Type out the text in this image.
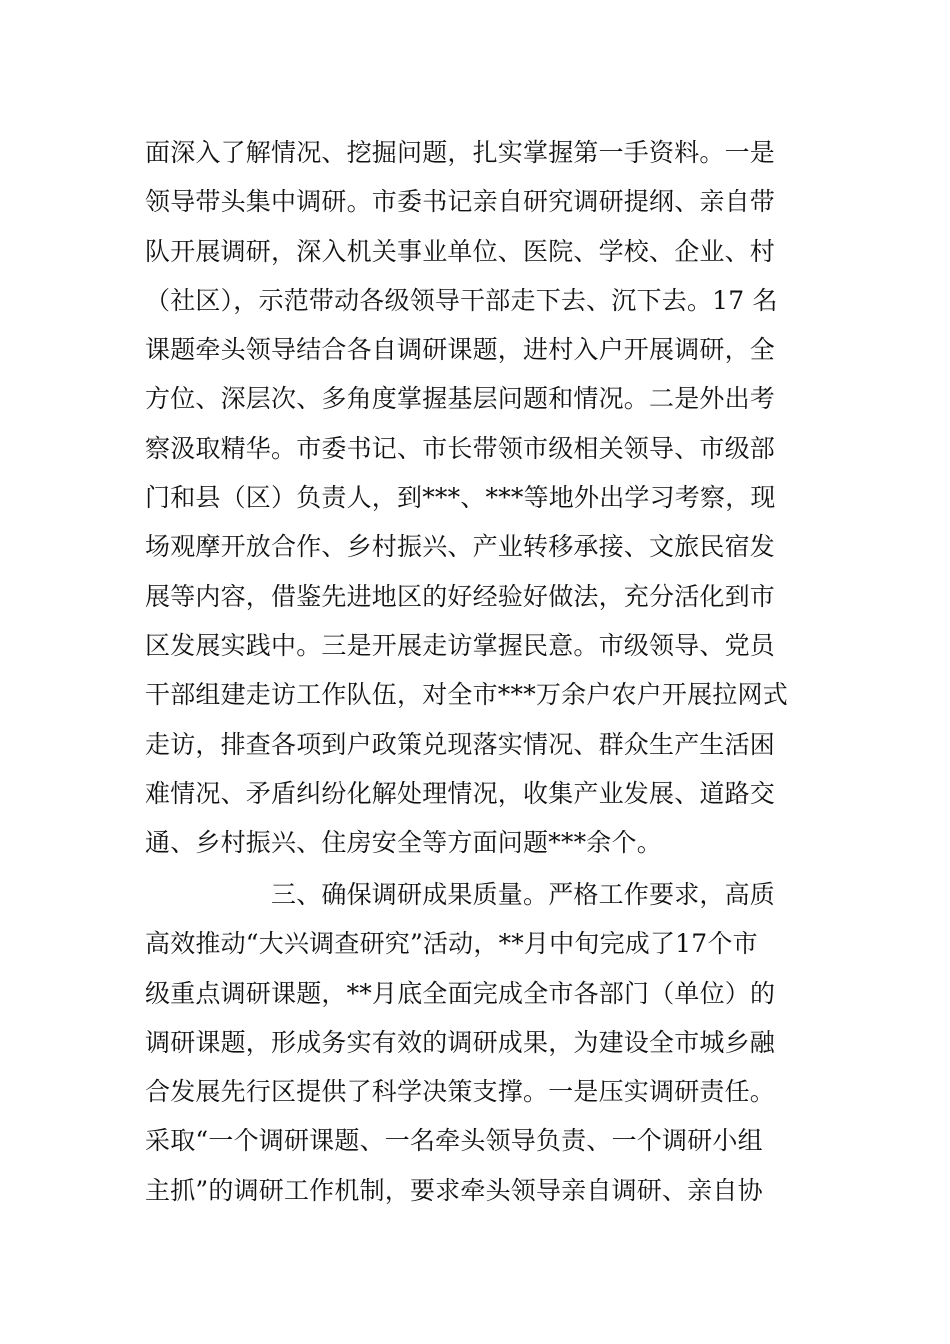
面深入了解情况、挖掘问题，扎实掌握第一手资料。一是
领导带头集中调研。市委书记亲自研究调研提纲、亲自带
队开展调研，深入机关事业单位、医院、学校、企业、村
（社区），示范带动各级领导干部走下去、沉下去。17 名
课题牵头领导结合各自调研课题，进村入户开展调研，全
方位、深层次、多角度掌握基层问题和情况。二是外出考
察汲取精华。市委书记、市长带领市级相关领导、市级部
门和县（区）负责人，到***、***等地外出学习考察，现
场观摩开放合作、乡村振兴、产业转移承接、文旅民宿发
展等内容，借鉴先进地区的好经验好做法，充分活化到市
区发展实践中。三是开展走访掌握民意。市级领导、党员
干部组建走访工作队伍，对全市***万余户农户开展拉网式
走访，排查各项到户政策兑现落实情况、群众生产生活困
难情况、矛盾纠纷化解处理情况，收集产业发展、道路交
通、乡村振兴、住房安全等方面问题***余个。
　　　　　三、确保调研成果质量。严格工作要求，高质
高效推动“大兴调查研究”活动，**月中旬完成了17个市
级重点调研课题，**月底全面完成全市各部门（单位）的
调研课题，形成务实有效的调研成果，为建设全市城乡融
合发展先行区提供了科学决策支撑。一是压实调研责任。
采取“一个调研课题、一名牵头领导负责、一个调研小组
主抓”的调研工作机制，要求牵头领导亲自调研、亲自协
